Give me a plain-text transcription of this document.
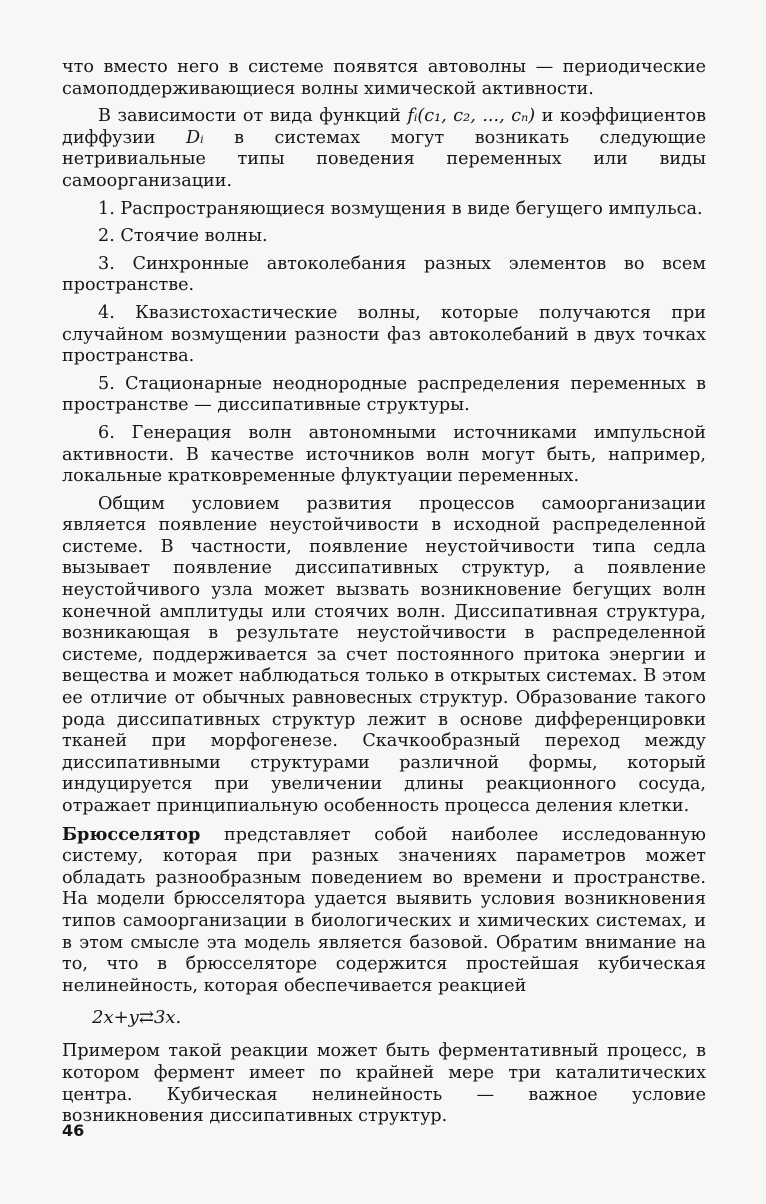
что вместо него в системе появятся автоволны — периодические самоподдерживающиеся волны химической активности.

В зависимости от вида функций fᵢ(c₁, c₂, ..., cₙ) и коэффициентов диффузии Dᵢ в системах могут возникать следующие нетривиальные типы поведения переменных или виды самоорганизации.

1. Распространяющиеся возмущения в виде бегущего импульса.

2. Стоячие волны.

3. Синхронные автоколебания разных элементов во всем пространстве.

4. Квазистохастические волны, которые получаются при случайном возмущении разности фаз автоколебаний в двух точках пространства.

5. Стационарные неоднородные распределения переменных в пространстве — диссипативные структуры.

6. Генерация волн автономными источниками импульсной активности. В качестве источников волн могут быть, например, локальные кратковременные флуктуации переменных.

Общим условием развития процессов самоорганизации является появление неустойчивости в исходной распределенной системе. В частности, появление неустойчивости типа седла вызывает появление диссипативных структур, а появление неустойчивого узла может вызвать возникновение бегущих волн конечной амплитуды или стоячих волн. Диссипативная структура, возникающая в результате неустойчивости в распределенной системе, поддерживается за счет постоянного притока энергии и вещества и может наблюдаться только в открытых системах. В этом ее отличие от обычных равновесных структур. Образование такого рода диссипативных структур лежит в основе дифференцировки тканей при морфогенезе. Скачкообразный переход между диссипативными структурами различной формы, который индуцируется при увеличении длины реакционного сосуда, отражает принципиальную особенность процесса деления клетки.

Брюсселятор представляет собой наиболее исследованную систему, которая при разных значениях параметров может обладать разнообразным поведением во времени и пространстве. На модели брюсселятора удается выявить условия возникновения типов самоорганизации в биологических и химических системах, и в этом смысле эта модель является базовой. Обратим внимание на то, что в брюсселяторе содержится простейшая кубическая нелинейность, которая обеспечивается реакцией

2x+y⇄3x.

Примером такой реакции может быть ферментативный процесс, в котором фермент имеет по крайней мере три каталитических центра. Кубическая нелинейность — важное условие возникновения диссипативных структур.

46
